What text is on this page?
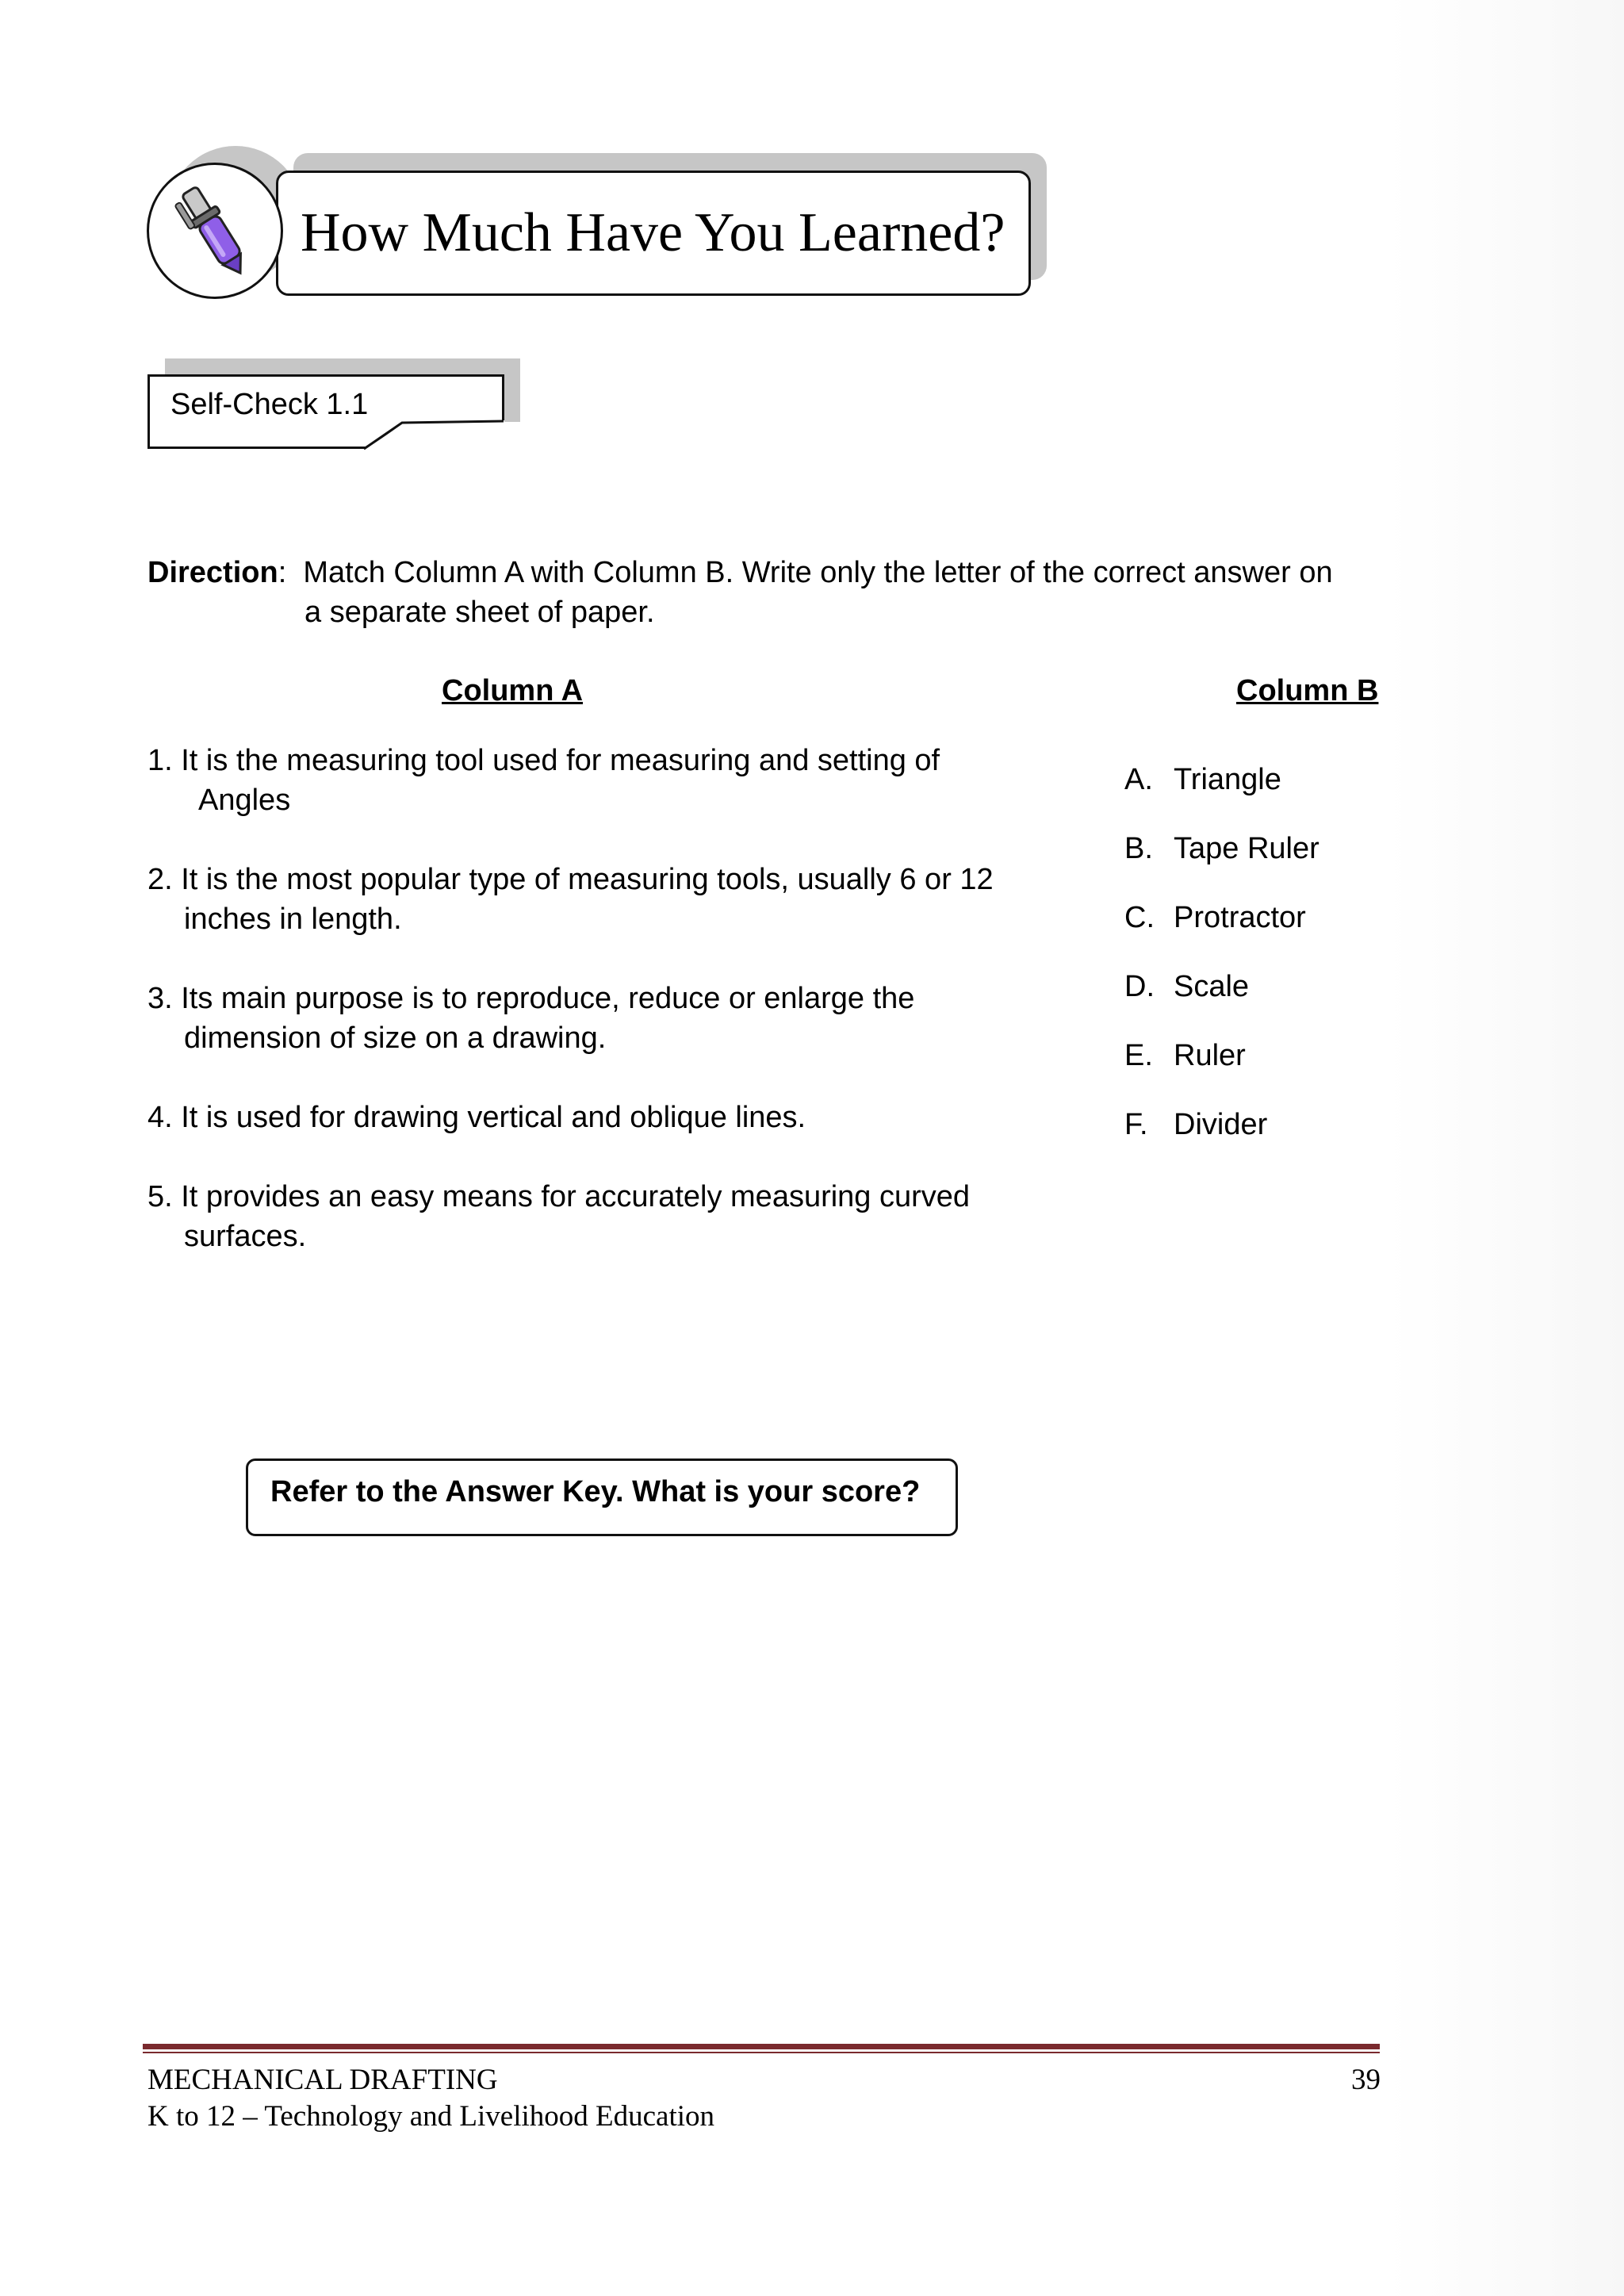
How Much Have You Learned?
Self-Check 1.1
Direction:  Match Column A with Column B. Write only the letter of the correct answer on
a separate sheet of paper.
Column A	Column B
1. It is the measuring tool used for measuring and setting of
Angles
2. It is the most popular type of measuring tools, usually 6 or 12
inches in length.
3. Its main purpose is to reproduce, reduce or enlarge the
dimension of size on a drawing.
4. It is used for drawing vertical and oblique lines.
5. It provides an easy means for accurately measuring curved
surfaces.
A. Triangle
B. Tape Ruler
C. Protractor
D. Scale
E. Ruler
F. Divider
Refer to the Answer Key. What is your score?
MECHANICAL DRAFTING	39
K to 12 – Technology and Livelihood Education
